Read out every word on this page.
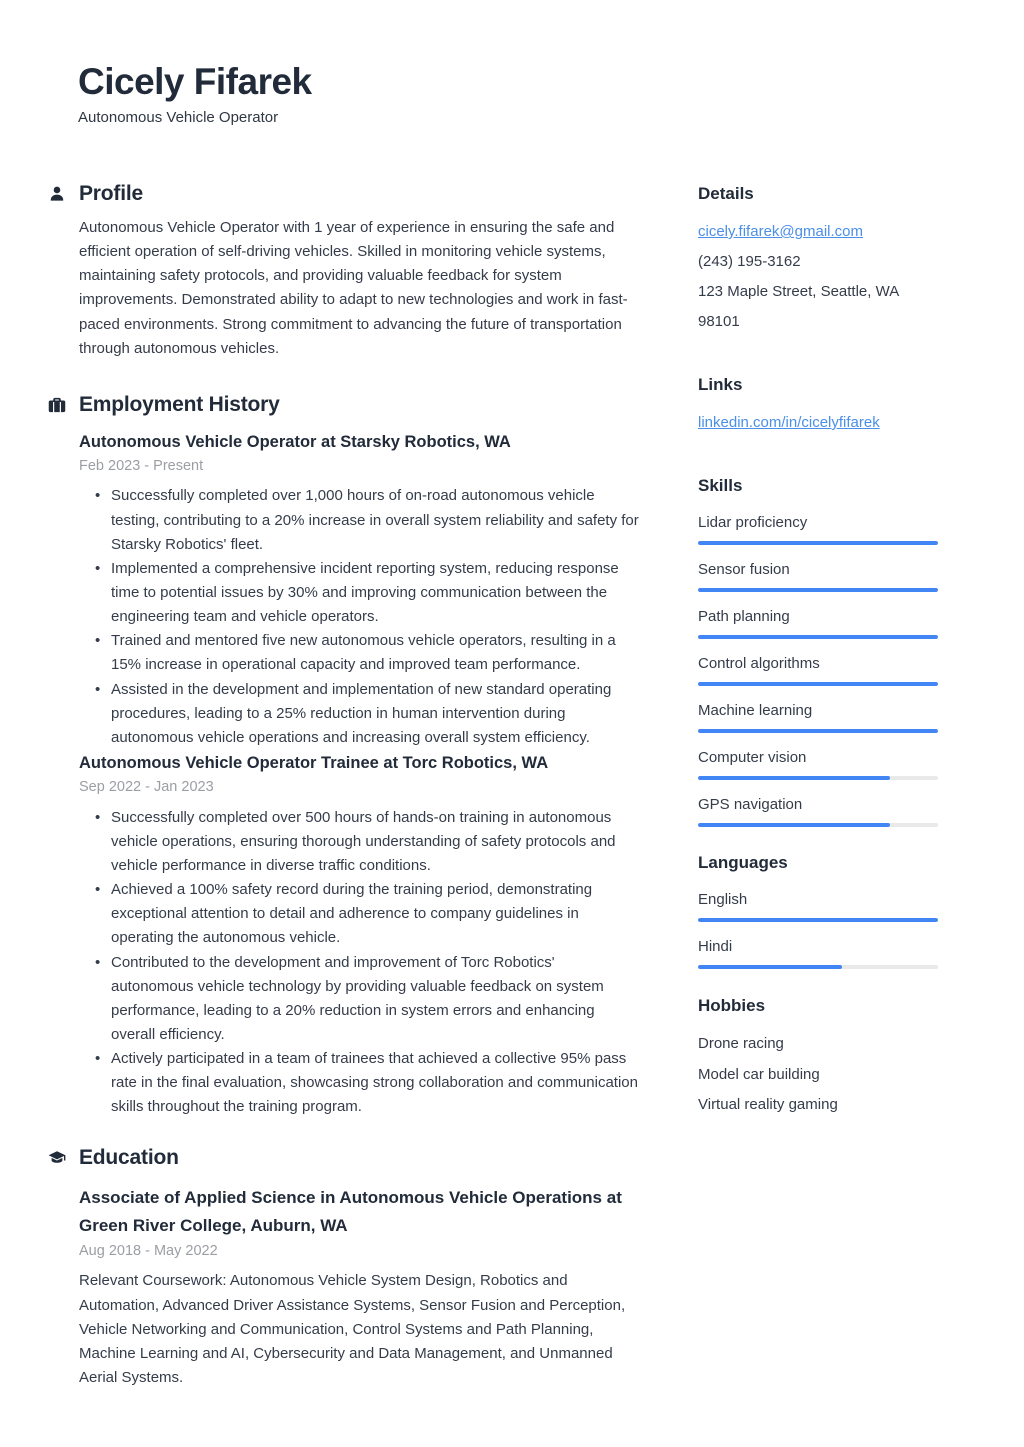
Cicely Fifarek
Autonomous Vehicle Operator
Profile

Autonomous Vehicle Operator with 1 year of experience in ensuring the safe and efficient operation of self-driving vehicles. Skilled in monitoring vehicle systems, maintaining safety protocols, and providing valuable feedback for system improvements. Demonstrated ability to adapt to new technologies and work in fast-paced environments. Strong commitment to advancing the future of transportation through autonomous vehicles.

Employment History
Autonomous Vehicle Operator at Starsky Robotics, WA
Feb 2023 - Present
• Successfully completed over 1,000 hours of on-road autonomous vehicle testing, contributing to a 20% increase in overall system reliability and safety for Starsky Robotics' fleet.
• Implemented a comprehensive incident reporting system, reducing response time to potential issues by 30% and improving communication between the engineering team and vehicle operators.
• Trained and mentored five new autonomous vehicle operators, resulting in a 15% increase in operational capacity and improved team performance.
• Assisted in the development and implementation of new standard operating procedures, leading to a 25% reduction in human intervention during autonomous vehicle operations and increasing overall system efficiency.
Autonomous Vehicle Operator Trainee at Torc Robotics, WA
Sep 2022 - Jan 2023
• Successfully completed over 500 hours of hands-on training in autonomous vehicle operations, ensuring thorough understanding of safety protocols and vehicle performance in diverse traffic conditions.
• Achieved a 100% safety record during the training period, demonstrating exceptional attention to detail and adherence to company guidelines in operating the autonomous vehicle.
• Contributed to the development and improvement of Torc Robotics' autonomous vehicle technology by providing valuable feedback on system performance, leading to a 20% reduction in system errors and enhancing overall efficiency.
• Actively participated in a team of trainees that achieved a collective 95% pass rate in the final evaluation, showcasing strong collaboration and communication skills throughout the training program.
Education
Associate of Applied Science in Autonomous Vehicle Operations at Green River College, Auburn, WA
Aug 2018 - May 2022

Relevant Coursework: Autonomous Vehicle System Design, Robotics and Automation, Advanced Driver Assistance Systems, Sensor Fusion and Perception, Vehicle Networking and Communication, Control Systems and Path Planning, Machine Learning and AI, Cybersecurity and Data Management, and Unmanned Aerial Systems.

Details
cicely.fifarek@gmail.com
(243) 195-3162
123 Maple Street, Seattle, WA 98101
Links
linkedin.com/in/cicelyfifarek
Skills
Lidar proficiency
Sensor fusion
Path planning
Control algorithms
Machine learning
Computer vision
GPS navigation
Languages
English
Hindi
Hobbies
Drone racing
Model car building
Virtual reality gaming
